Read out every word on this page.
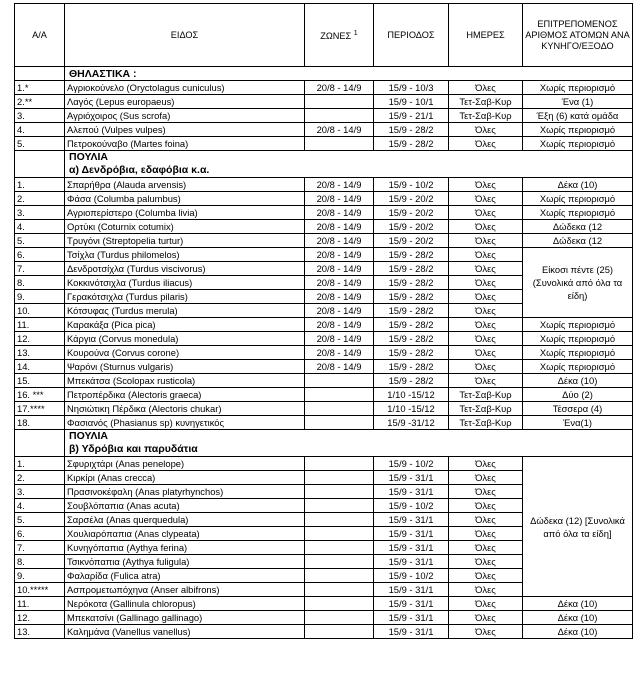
Α/Α	ΕΙΔΟΣ	ΖΩΝΕΣ $^1$	ΠΕΡΙΟΔΟΣ	ΗΜΕΡΕΣ	ΕΠΙΤΡΕΠΟΜΕΝΟΣ ΑΡΙΘΜΟΣ ΑΤΟΜΩΝ ΑΝΑ ΚΥΝΗΓΟ/ΕΞΟΔΟ
	ΘΗΛΑΣΤΙΚΑ :				
1.*	Αγριοκούνελο (Oryctolagus cuniculus)	20/8 - 14/9	15/9 - 10/3	Όλες	Χωρίς περιορισμό
2.**	Λαγός (Lepus europaeus)		15/9 - 10/1	Τετ-Σαβ-Κυρ	Ένα (1)
3.	Αγριόχοιρος (Sus scrofa)		15/9 - 21/1	Τετ-Σαβ-Κυρ	Έξη (6) κατά ομάδα
4.	Αλεπού (Vulpes vulpes)	20/8 - 14/9	15/9 - 28/2	Όλες	Χωρίς περιορισμό
5.	Πετροκούναβο (Martes foina)		15/9 - 28/2	Όλες	Χωρίς περιορισμό

	ΠΟΥΛΙΑ
α) Δενδρόβια, εδαφόβια κ.α.				

1.	Σπαρήθρα (Alauda arvensis)	20/8 - 14/9	15/9 - 10/2	Όλες	Δέκα (10)
2.	Φάσα (Columba palumbus)	20/8 - 14/9	15/9 - 20/2	Όλες	Χωρίς περιορισμό
3.	Αγριοπερίστερο (Columba livia)	20/8 - 14/9	15/9 - 20/2	Όλες	Χωρίς περιορισμό
4.	Ορτύκι (Coturnix cotumix)	20/8 - 14/9	15/9 - 20/2	Όλες	Δώδεκα (12
5.	Τρυγόνι (Streptopelia turtur)	20/8 - 14/9	15/9 - 20/2	Όλες	Δώδεκα (12
6.	Τσίχλα (Turdus philomelos)	20/8 - 14/9	15/9 - 28/2	Όλες	Είκοσι πέντε (25) (Συνολικά από όλα τα είδη)
7.	Δενδροτσίχλα (Turdus viscivorus)	20/8 - 14/9	15/9 - 28/2	Όλες	
8.	Κοκκινότσιχλα (Turdus iliacus)	20/8 - 14/9	15/9 - 28/2	Όλες	
9.	Γερακότσιχλα (Turdus pilaris)	20/8 - 14/9	15/9 - 28/2	Όλες	
10.	Κότσυφας (Turdus merula)	20/8 - 14/9	15/9 - 28/2	Όλες	
11.	Καρακάξα (Pica pica)	20/8 - 14/9	15/9 - 28/2	Όλες	Χωρίς περιορισμό
12.	Κάργια (Corvus monedula)	20/8 - 14/9	15/9 - 28/2	Όλες	Χωρίς περιορισμό
13.	Κουρούνα (Corvus corone)	20/8 - 14/9	15/9 - 28/2	Όλες	Χωρίς περιορισμό
14.	Ψαρόνι (Sturnus vulgaris)	20/8 - 14/9	15/9 - 28/2	Όλες	Χωρίς περιορισμό
15.	Μπεκάτσα (Scolopax rusticola)		15/9 - 28/2	Όλες	Δέκα (10)
16. ***	Πετροπέρδικα (Alectoris graeca)		1/10 -15/12	Τετ-Σαβ-Κυρ	Δύο (2)
17.****	Νησιώτικη Πέρδικα (Alectoris chukar)		1/10 -15/12	Τετ-Σαβ-Κυρ	Τέσσερα (4)
18.	Φασιανός (Phasianus sp) κυνηγετικός		15/9 -31/12	Τετ-Σαβ-Κυρ	Ένα(1)

	ΠΟΥΛΙΑ
β) Υδρόβια και παρυδάτια				

1.	Σφυριχτάρι (Anas penelope)		15/9 - 10/2	Όλες	Δώδεκα (12) [Συνολικά από όλα τα είδη]
2.	Κιρκίρι (Anas crecca)		15/9 - 31/1	Όλες	
3.	Πρασινοκέφαλη (Anas platyrhynchos)		15/9 - 31/1	Όλες	
4.	Σουβλόπαπια (Anas acuta)		15/9 - 10/2	Όλες	
5.	Σαρσέλα (Anas querquedula)		15/9 - 31/1	Όλες	
6.	Χουλιαρόπαπια (Anas clypeata)		15/9 - 31/1	Όλες	
7.	Κυνηγόπαπια (Aythya ferina)		15/9 - 31/1	Όλες	
8.	Τσικνόπαπια (Aythya fuligula)		15/9 - 31/1	Όλες	
9.	Φαλαρίδα (Fulica atra)		15/9 - 10/2	Όλες	
10.*****	Ασπρομετωπόχηνα (Anser albifrons)		15/9 - 31/1	Όλες	
11.	Νερόκοτα (Gallinula chloropus)		15/9 - 31/1	Όλες	Δέκα (10)
12.	Μπεκατσίνι (Gallinago gallinago)		15/9 - 31/1	Όλες	Δέκα (10)
13.	Καλημάνα (Vanellus vanellus)		15/9 - 31/1	Όλες	Δέκα (10)
